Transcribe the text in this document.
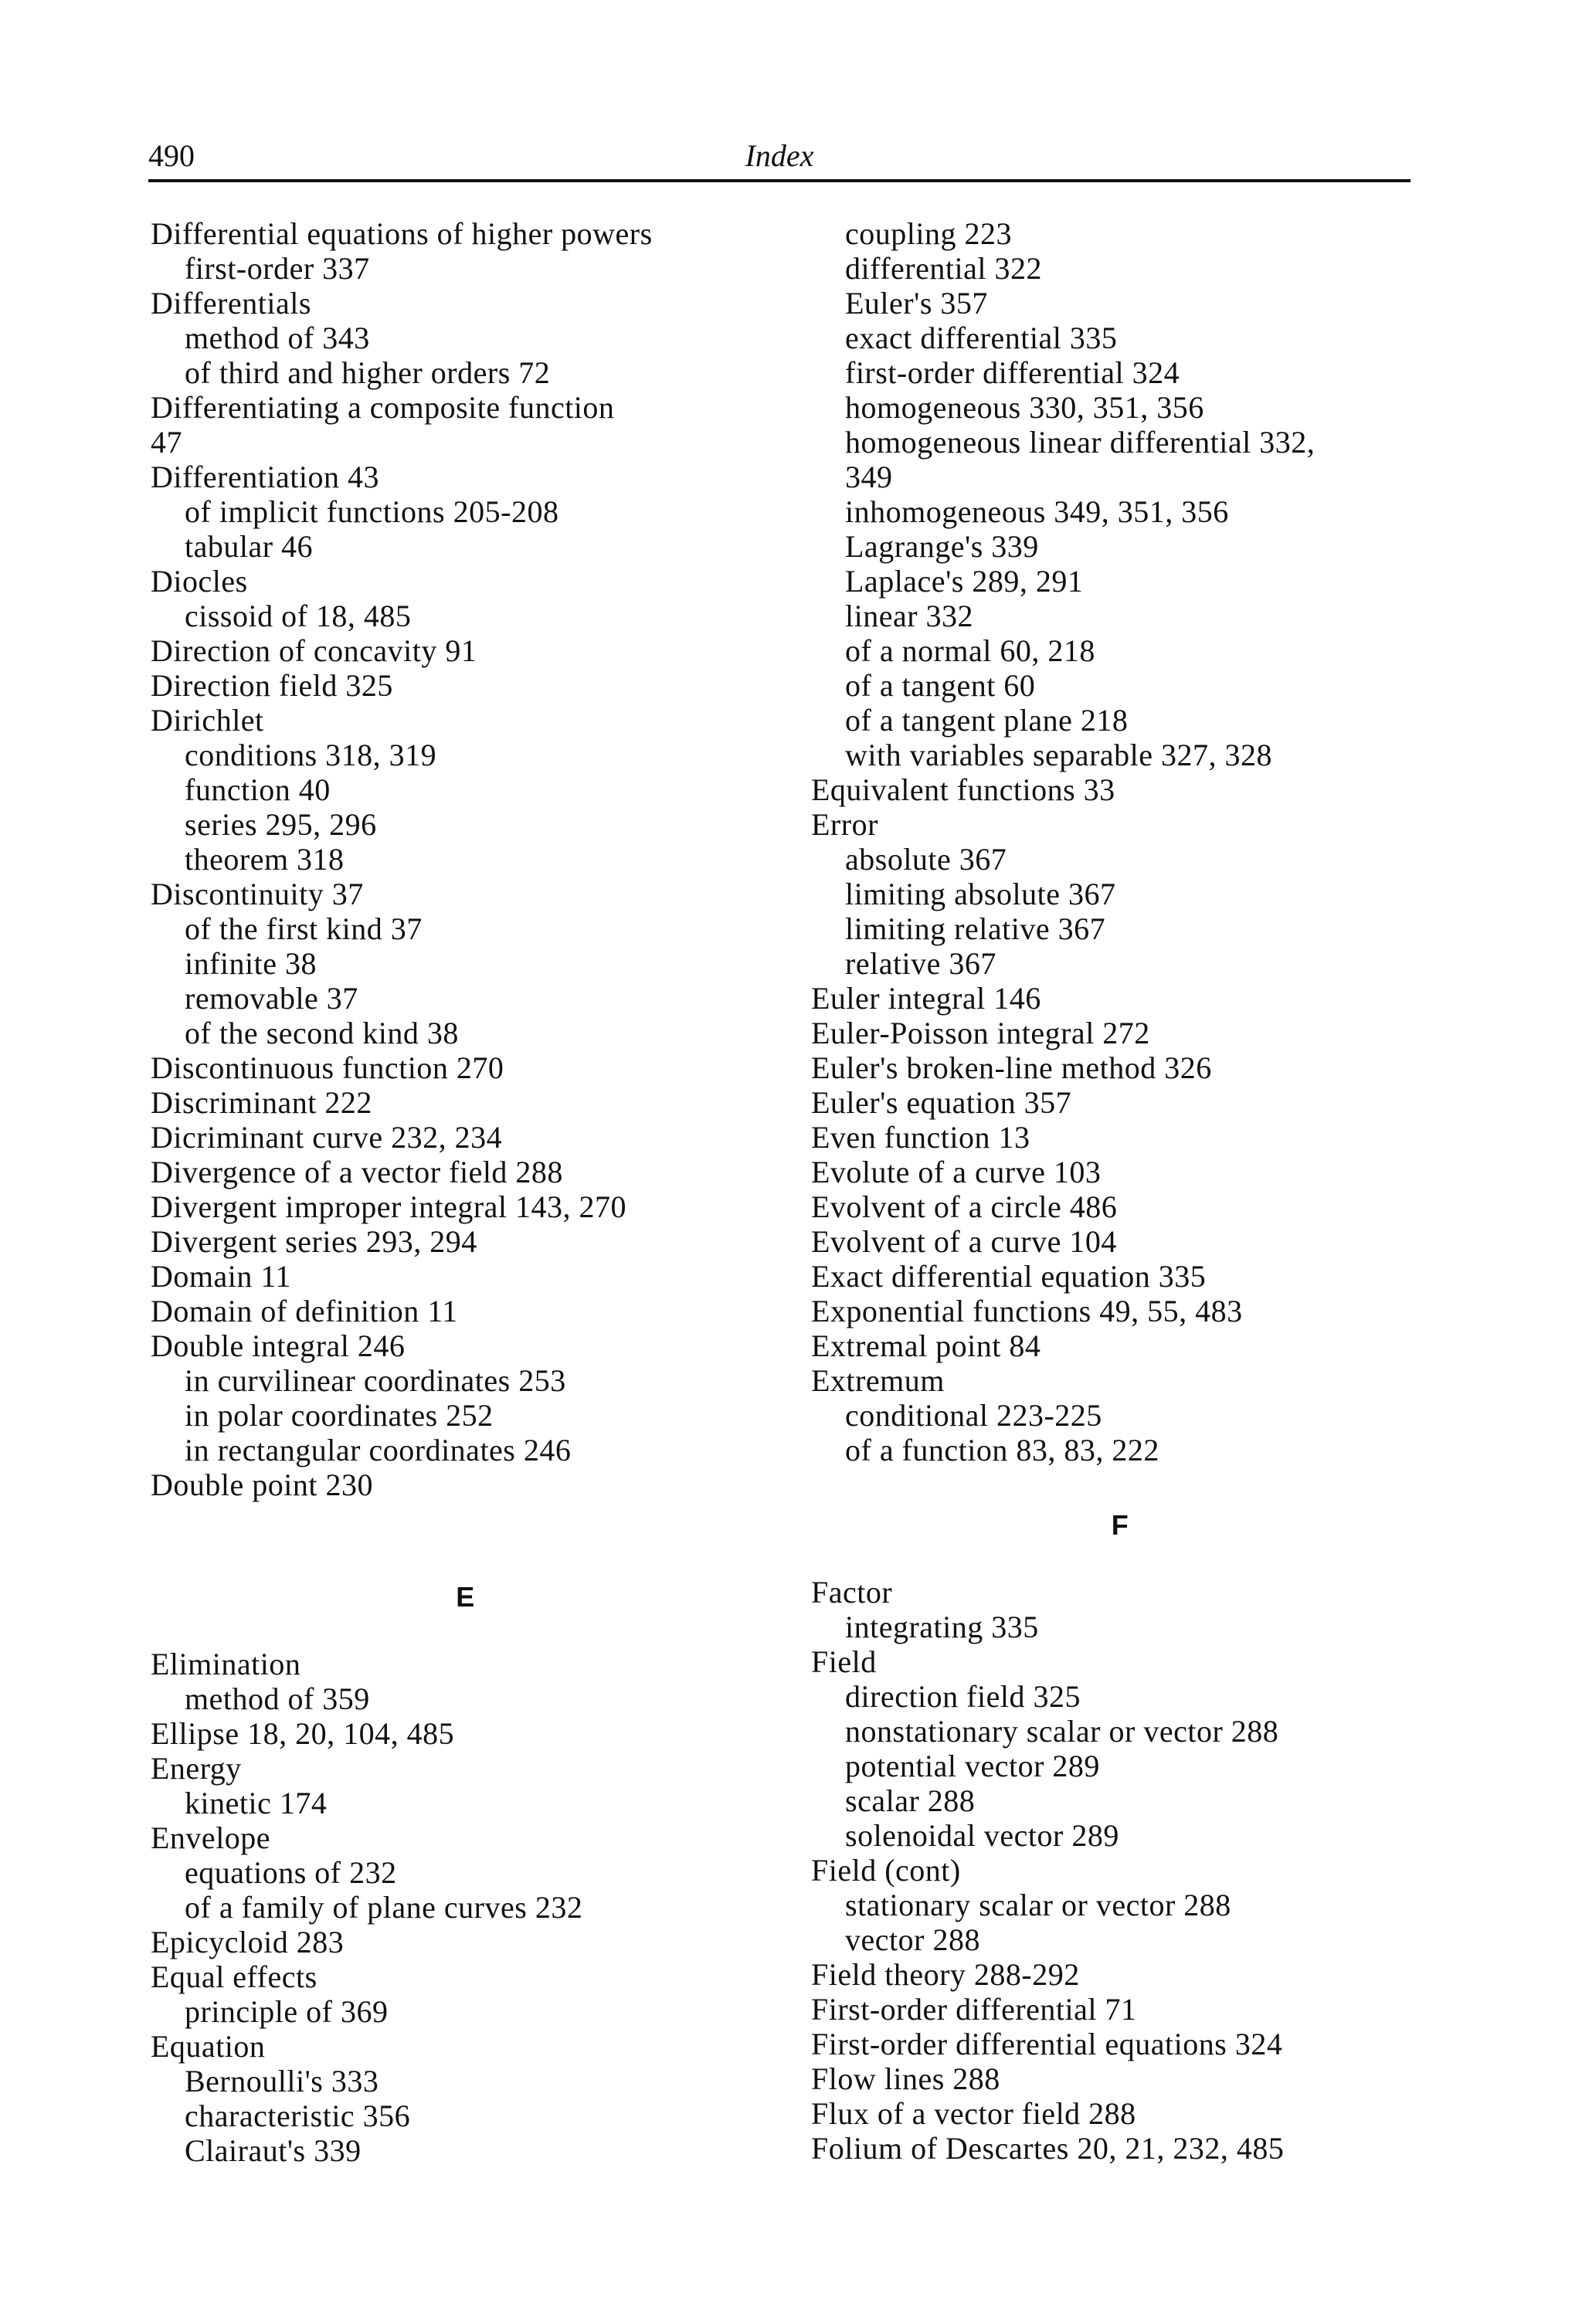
490	Index
Differential equations of higher powers
first-order 337
Differentials
method of 343
of third and higher orders 72
Differentiating a composite function
47
Differentiation 43
of implicit functions 205-208
tabular 46
Diocles
cissoid of 18, 485
Direction of concavity 91
Direction field 325
Dirichlet
conditions 318, 319
function 40
series 295, 296
theorem 318
Discontinuity 37
of the first kind 37
infinite 38
removable 37
of the second kind 38
Discontinuous function 270
Discriminant 222
Dicriminant curve 232, 234
Divergence of a vector field 288
Divergent improper integral 143, 270
Divergent series 293, 294
Domain 11
Domain of definition 11
Double integral 246
in curvilinear coordinates 253
in polar coordinates 252
in rectangular coordinates 246
Double point 230
E
Elimination
method of 359
Ellipse 18, 20, 104, 485
Energy
kinetic 174
Envelope
equations of 232
of a family of plane curves 232
Epicycloid 283
Equal effects
principle of 369
Equation
Bernoulli's 333
characteristic 356
Clairaut's 339
coupling 223
differential 322
Euler's 357
exact differential 335
first-order differential 324
homogeneous 330, 351, 356
homogeneous linear differential 332,
349
inhomogeneous 349, 351, 356
Lagrange's 339
Laplace's 289, 291
linear 332
of a normal 60, 218
of a tangent 60
of a tangent plane 218
with variables separable 327, 328
Equivalent functions 33
Error
absolute 367
limiting absolute 367
limiting relative 367
relative 367
Euler integral 146
Euler-Poisson integral 272
Euler's broken-line method 326
Euler's equation 357
Even function 13
Evolute of a curve 103
Evolvent of a circle 486
Evolvent of a curve 104
Exact differential equation 335
Exponential functions 49, 55, 483
Extremal point 84
Extremum
conditional 223-225
of a function 83, 83, 222
F
Factor
integrating 335
Field
direction field 325
nonstationary scalar or vector 288
potential vector 289
scalar 288
solenoidal vector 289
Field (cont)
stationary scalar or vector 288
vector 288
Field theory 288-292
First-order differential 71
First-order differential equations 324
Flow lines 288
Flux of a vector field 288
Folium of Descartes 20, 21, 232, 485
